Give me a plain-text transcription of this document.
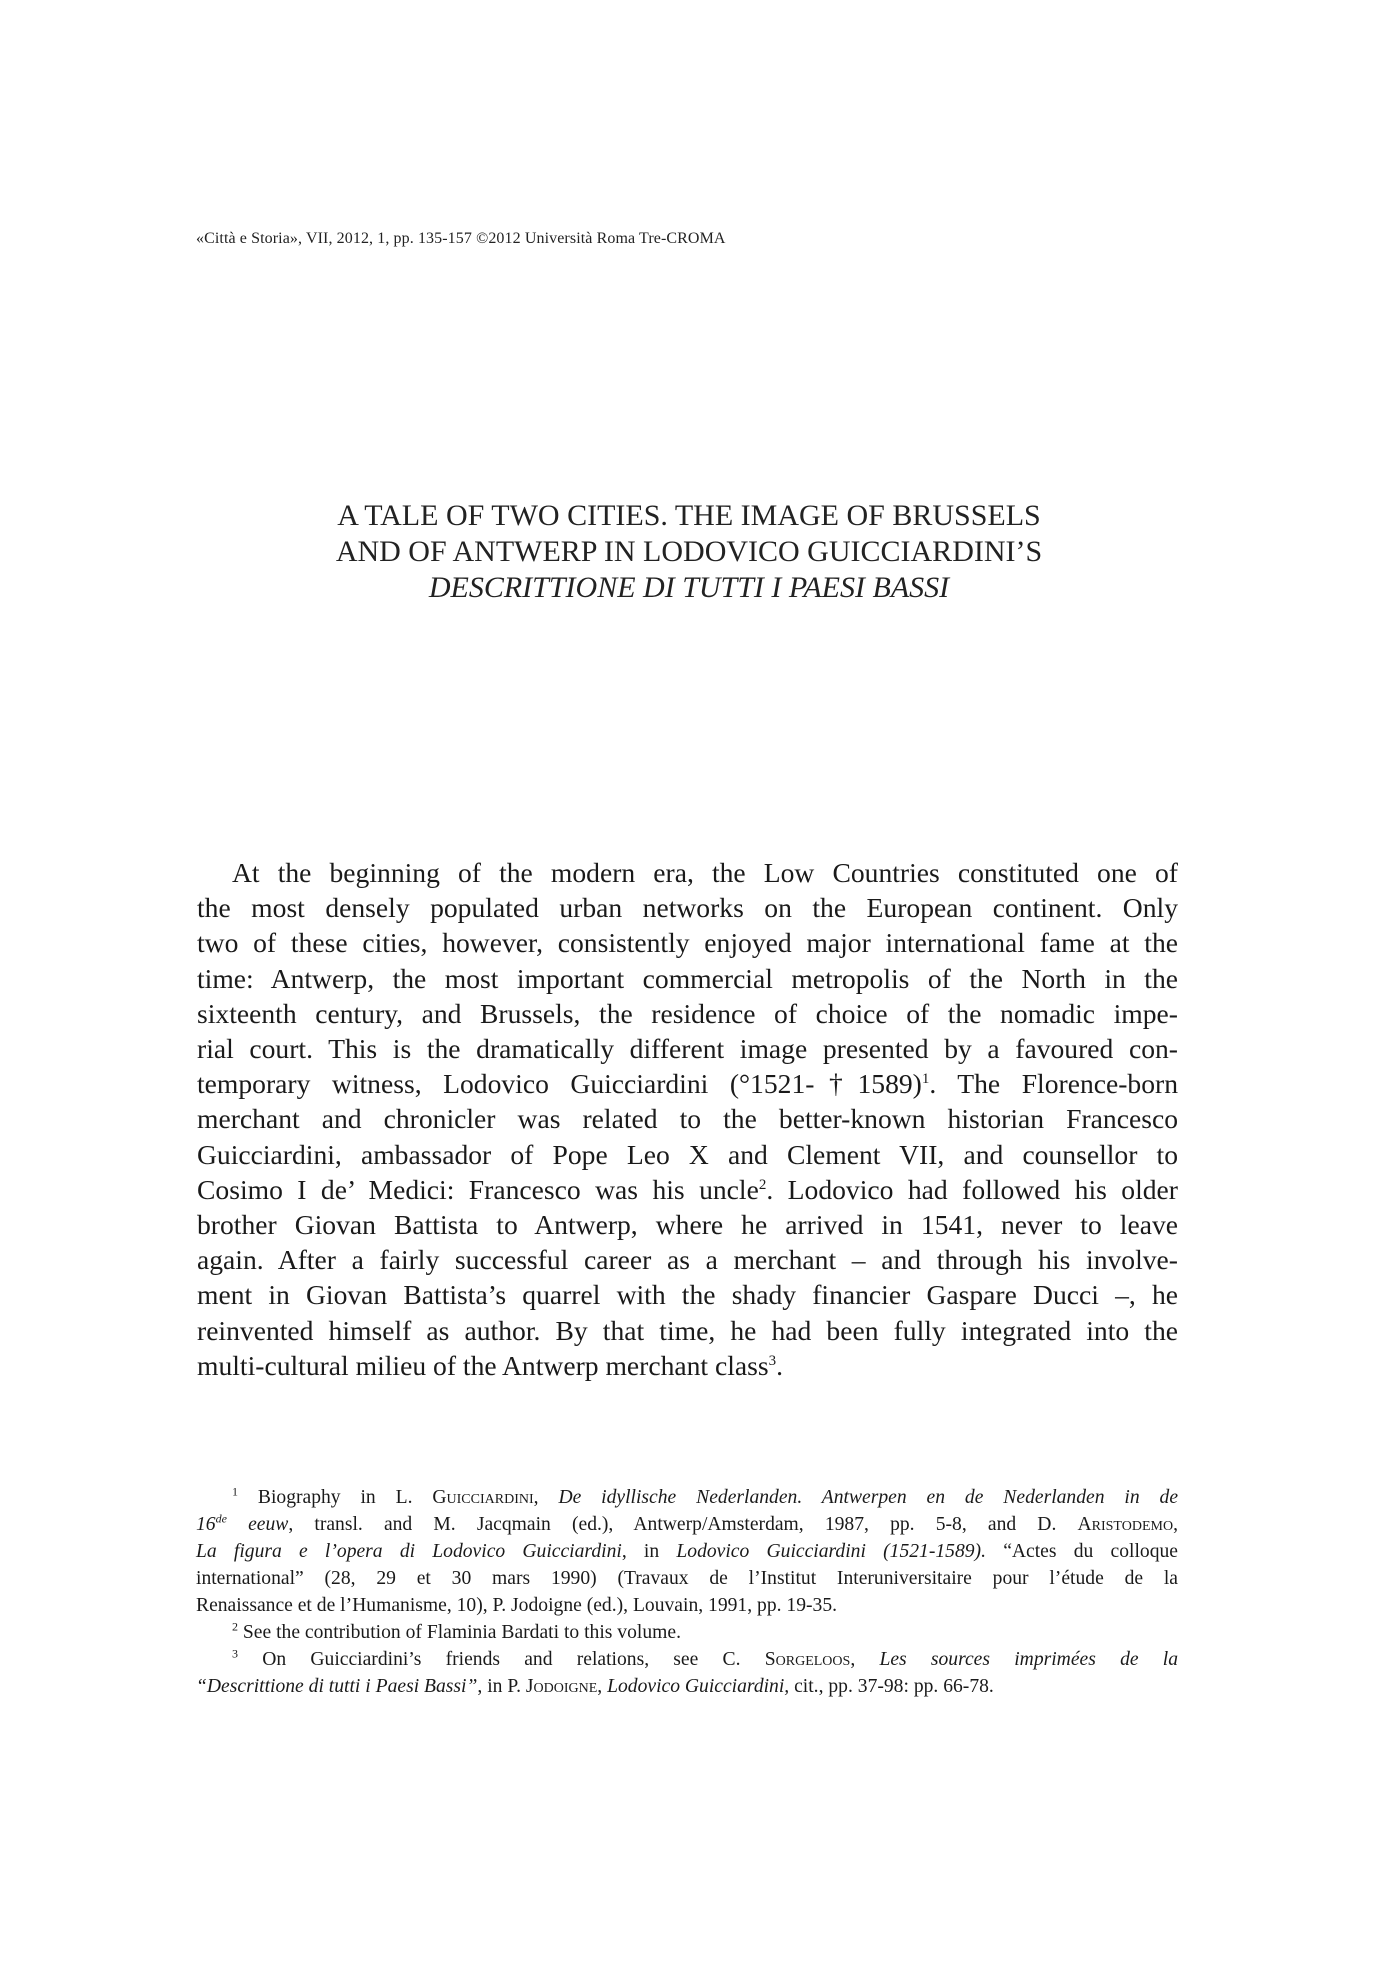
«Città e Storia», VII, 2012, 1, pp. 135-157 ©2012 Università Roma Tre-CROMA
A TALE OF TWO CITIES. THE IMAGE OF BRUSSELS
AND OF ANTWERP IN LODOVICO GUICCIARDINI’S
DESCRITTIONE DI TUTTI I PAESI BASSI
At the beginning of the modern era, the Low Countries constituted one of
the most densely populated urban networks on the European continent. Only
two of these cities, however, consistently enjoyed major international fame at the
time: Antwerp, the most important commercial metropolis of the North in the
sixteenth century, and Brussels, the residence of choice of the nomadic impe-
rial court. This is the dramatically different image presented by a favoured con-
temporary witness, Lodovico Guicciardini (°1521-†1589)$^1$. The Florence-born
merchant and chronicler was related to the better-known historian Francesco
Guicciardini, ambassador of Pope Leo X and Clement VII, and counsellor to
Cosimo I de’ Medici: Francesco was his uncle$^2$. Lodovico had followed his older
brother Giovan Battista to Antwerp, where he arrived in 1541, never to leave
again. After a fairly successful career as a merchant – and through his involve-
ment in Giovan Battista’s quarrel with the shady financier Gaspare Ducci –, he
reinvented himself as author. By that time, he had been fully integrated into the
multi-cultural milieu of the Antwerp merchant class$^3$.
$^1$ Biography in L. Guicciardini, De idyllische Nederlanden. Antwerpen en de Nederlanden in de
16de eeuw, transl. and M. Jacqmain (ed.), Antwerp/Amsterdam, 1987, pp. 5-8, and D. Aristodemo,
La figura e l’opera di Lodovico Guicciardini, in Lodovico Guicciardini (1521-1589). “Actes du colloque
international” (28, 29 et 30 mars 1990) (Travaux de l’Institut Interuniversitaire pour l’étude de la
Renaissance et de l’Humanisme, 10), P. Jodoigne (ed.), Louvain, 1991, pp. 19-35.
$^2$ See the contribution of Flaminia Bardati to this volume.
$^3$ On Guicciardini’s friends and relations, see C. Sorgeloos, Les sources imprimées de la
“Descrittione di tutti i Paesi Bassi”, in P. Jodoigne, Lodovico Guicciardini, cit., pp. 37-98: pp. 66-78.
